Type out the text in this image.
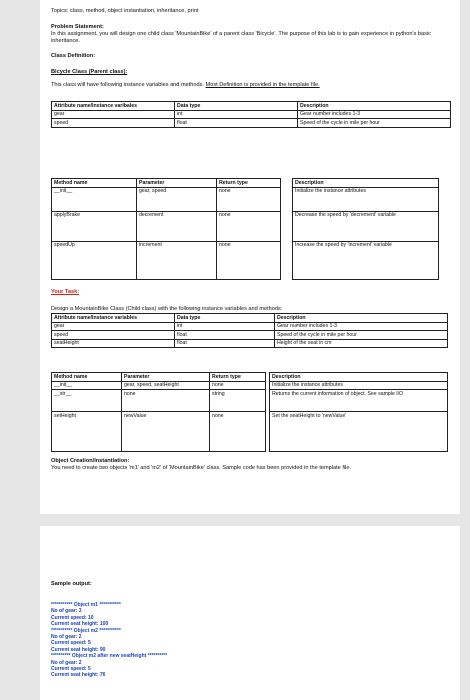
Topics: class, method, object instantiation, inheritance, print
Problem Statement:
In this assignment, you will design one child class 'MountainBike' of a parent class 'Bicycle'. The purpose of this lab is to gain experience in python's basic inheritance.
Class Definition:
Bicycle Class (Parent class):
This class will have following instance variables and methods. Most Definition is provided in the template file.
Attribute name/Instance varibales	Data type	Description
gear	int	Gear number includes 1-3
speed	float	Speed of the cycle in mile per hour
Method name	Parameter	Return type		Description
__init__	gear, speed	none		Initialize the instance attributes
applyBrake	decrement	none		Decrease the speed by 'decrement' variable
speedUp	increment	none		Increase the speed by 'increment' variable
Your Task:
Design a MountainBike Class (Child class) with the following instance variables and methods:
Attribute name/Instance variables	Data type	Description
gear	int	Gear number includes 1-3
speed	float	Speed of the cycle in mile per hour
seatHeight	float	Height of the seat in cm
Method name	Parameter	Return type		Description
__init__	gear, speed, seatHeight	none		Initialize the instance attributes
__str__	none	string		Returns the current information of object. See sample I/O
setHeight	newValue	none		Set the seatHeight to 'newValue'
Object Creation/Instantiation:
You need to create two objects 'm1' and 'm2' of 'MountainBike' class. Sample code has been provided in the template file.
Sample output:
*********** Object m1 ***********
No of gear: 3
Current speed: 10
Current seat height: 100
*********** Object m2 ***********
No of gear: 2
Current speed: 5
Current seat height: 90
********** Object m2 after new seatHeight **********
No of gear: 2
Current speed: 5
Current seat height: 76
